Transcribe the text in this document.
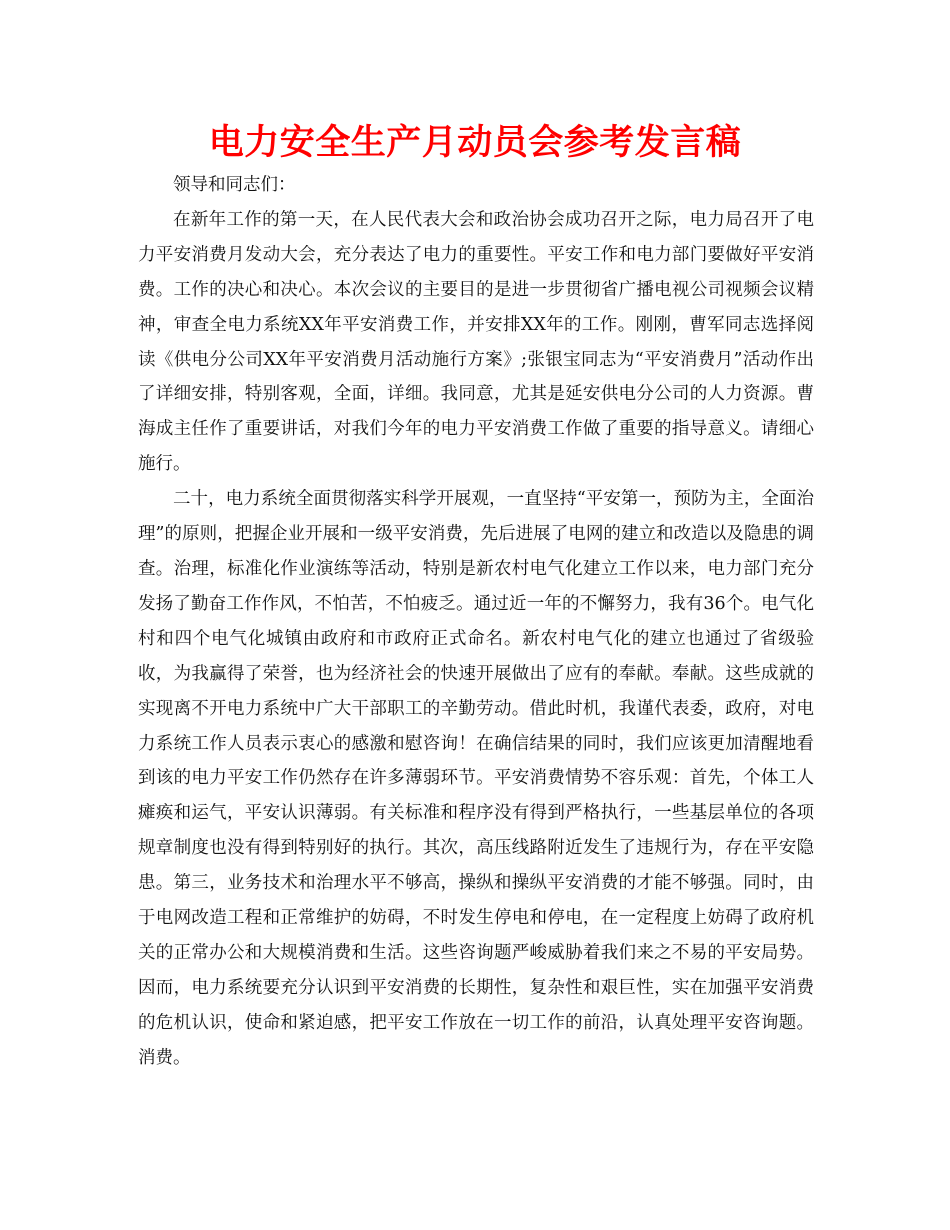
电力安全生产月动员会参考发言稿

领导和同志们：

在新年工作的第一天，在人民代表大会和政治协会成功召开之际，电力局召开了电力平安消费月发动大会，充分表达了电力的重要性。平安工作和电力部门要做好平安消费。工作的决心和决心。本次会议的主要目的是进一步贯彻省广播电视公司视频会议精神，审查全电力系统XX年平安消费工作，并安排XX年的工作。刚刚，曹军同志选择阅读《供电分公司XX年平安消费月活动施行方案》;张银宝同志为“平安消费月”活动作出了详细安排，特别客观，全面，详细。我同意，尤其是延安供电分公司的人力资源。曹海成主任作了重要讲话，对我们今年的电力平安消费工作做了重要的指导意义。请细心施行。

二十，电力系统全面贯彻落实科学开展观，一直坚持“平安第一，预防为主，全面治理”的原则，把握企业开展和一级平安消费，先后进展了电网的建立和改造以及隐患的调查。治理，标准化作业演练等活动，特别是新农村电气化建立工作以来，电力部门充分发扬了勤奋工作作风，不怕苦，不怕疲乏。通过近一年的不懈努力，我有36个。电气化村和四个电气化城镇由政府和市政府正式命名。新农村电气化的建立也通过了省级验收，为我赢得了荣誉，也为经济社会的快速开展做出了应有的奉献。奉献。这些成就的实现离不开电力系统中广大干部职工的辛勤劳动。借此时机，我谨代表委，政府，对电力系统工作人员表示衷心的感激和慰咨询！在确信结果的同时，我们应该更加清醒地看到该的电力平安工作仍然存在许多薄弱环节。平安消费情势不容乐观：首先，个体工人瘫痪和运气，平安认识薄弱。有关标准和程序没有得到严格执行，一些基层单位的各项规章制度也没有得到特别好的执行。其次，高压线路附近发生了违规行为，存在平安隐患。第三，业务技术和治理水平不够高，操纵和操纵平安消费的才能不够强。同时，由于电网改造工程和正常维护的妨碍，不时发生停电和停电，在一定程度上妨碍了政府机关的正常办公和大规模消费和生活。这些咨询题严峻威胁着我们来之不易的平安局势。因而，电力系统要充分认识到平安消费的长期性，复杂性和艰巨性，实在加强平安消费的危机认识，使命和紧迫感，把平安工作放在一切工作的前沿，认真处理平安咨询题。消费。
